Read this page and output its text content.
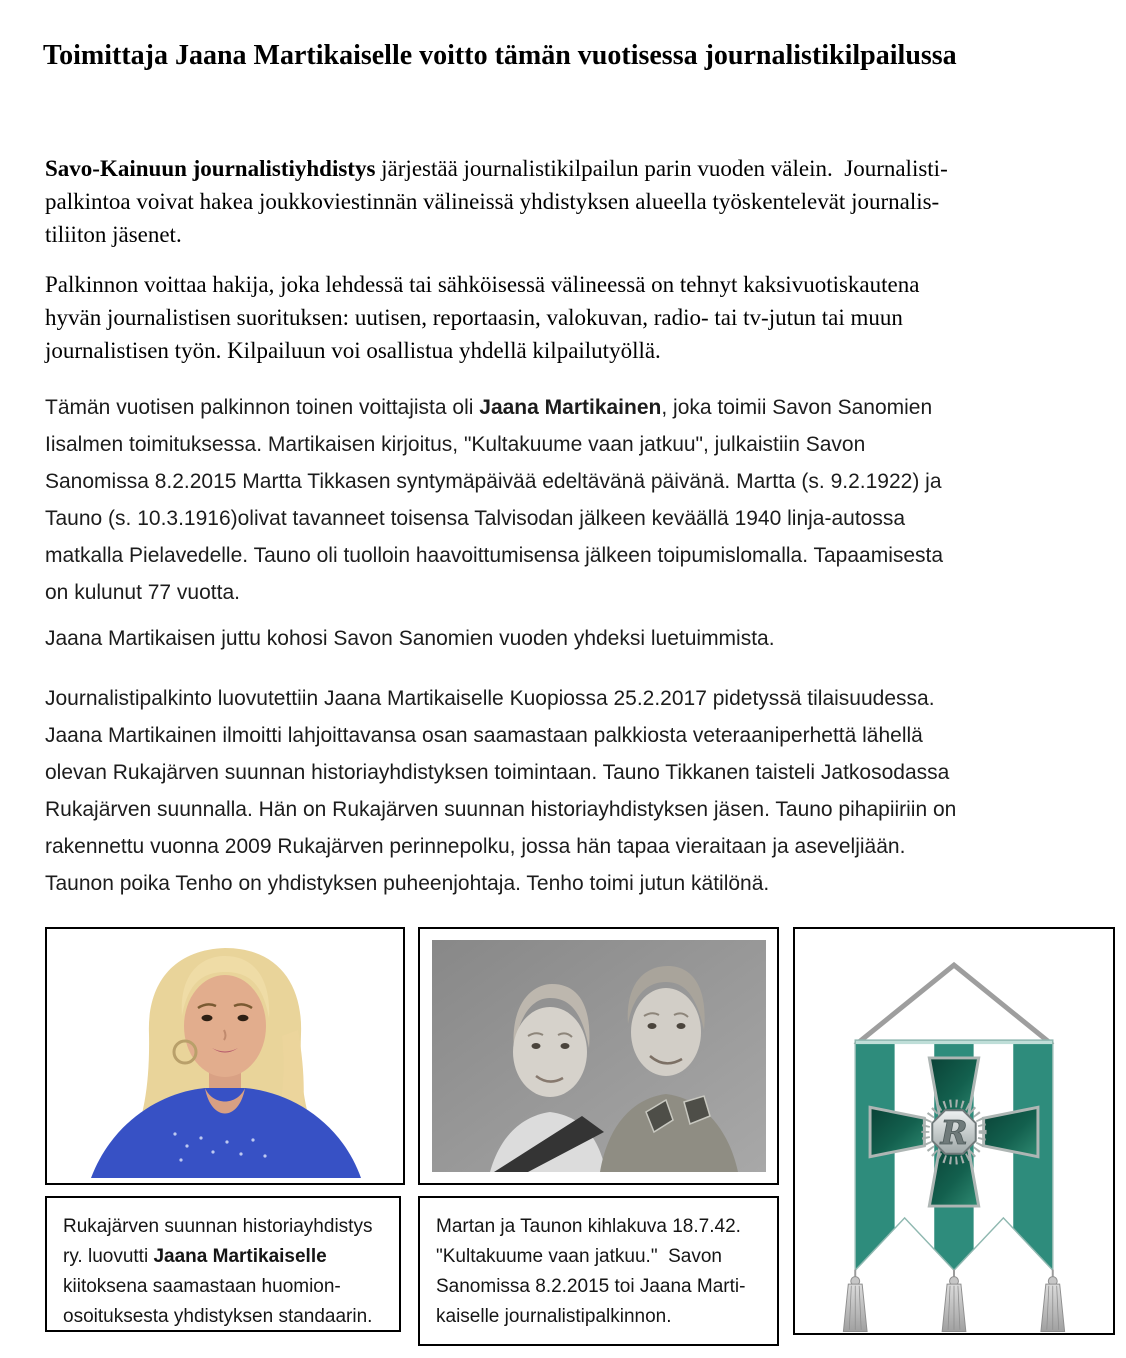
Toimittaja Jaana Martikaiselle voitto tämän vuotisessa journalistikilpailussa
Savo-Kainuun journalistiyhdistys järjestää journalistikilpailun parin vuoden välein.  Journalisti-
palkintoa voivat hakea joukkoviestinnän välineissä yhdistyksen alueella työskentelevät journalis-
tiliiton jäsenet.
Palkinnon voittaa hakija, joka lehdessä tai sähköisessä välineessä on tehnyt kaksivuotiskautena
hyvän journalistisen suorituksen: uutisen, reportaasin, valokuvan, radio- tai tv-jutun tai muun
journalistisen työn. Kilpailuun voi osallistua yhdellä kilpailutyöllä.
Tämän vuotisen palkinnon toinen voittajista oli Jaana Martikainen, joka toimii Savon Sanomien
Iisalmen toimituksessa. Martikaisen kirjoitus, "Kultakuume vaan jatkuu", julkaistiin Savon
Sanomissa 8.2.2015 Martta Tikkasen syntymäpäivää edeltävänä päivänä. Martta (s. 9.2.1922) ja
Tauno (s. 10.3.1916)olivat tavanneet toisensa Talvisodan jälkeen keväällä 1940 linja-autossa
matkalla Pielavedelle. Tauno oli tuolloin haavoittumisensa jälkeen toipumislomalla. Tapaamisesta
on kulunut 77 vuotta.
Jaana Martikaisen juttu kohosi Savon Sanomien vuoden yhdeksi luetuimmista.
Journalistipalkinto luovutettiin Jaana Martikaiselle Kuopiossa 25.2.2017 pidetyssä tilaisuudessa.
Jaana Martikainen ilmoitti lahjoittavansa osan saamastaan palkkiosta veteraaniperhettä lähellä
olevan Rukajärven suunnan historiayhdistyksen toimintaan. Tauno Tikkanen taisteli Jatkosodassa
Rukajärven suunnalla. Hän on Rukajärven suunnan historiayhdistyksen jäsen. Tauno pihapiiriin on
rakennettu vuonna 2009 Rukajärven perinnepolku, jossa hän tapaa vieraitaan ja aseveljiään.
Taunon poika Tenho on yhdistyksen puheenjohtaja. Tenho toimi jutun kätilönä.
R
Rukajärven suunnan historiayhdistys
ry. luovutti Jaana Martikaiselle
kiitoksena saamastaan huomion-
osoituksesta yhdistyksen standaarin.
Martan ja Taunon kihlakuva 18.7.42.
"Kultakuume vaan jatkuu."  Savon
Sanomissa 8.2.2015 toi Jaana Marti-
kaiselle journalistipalkinnon.
